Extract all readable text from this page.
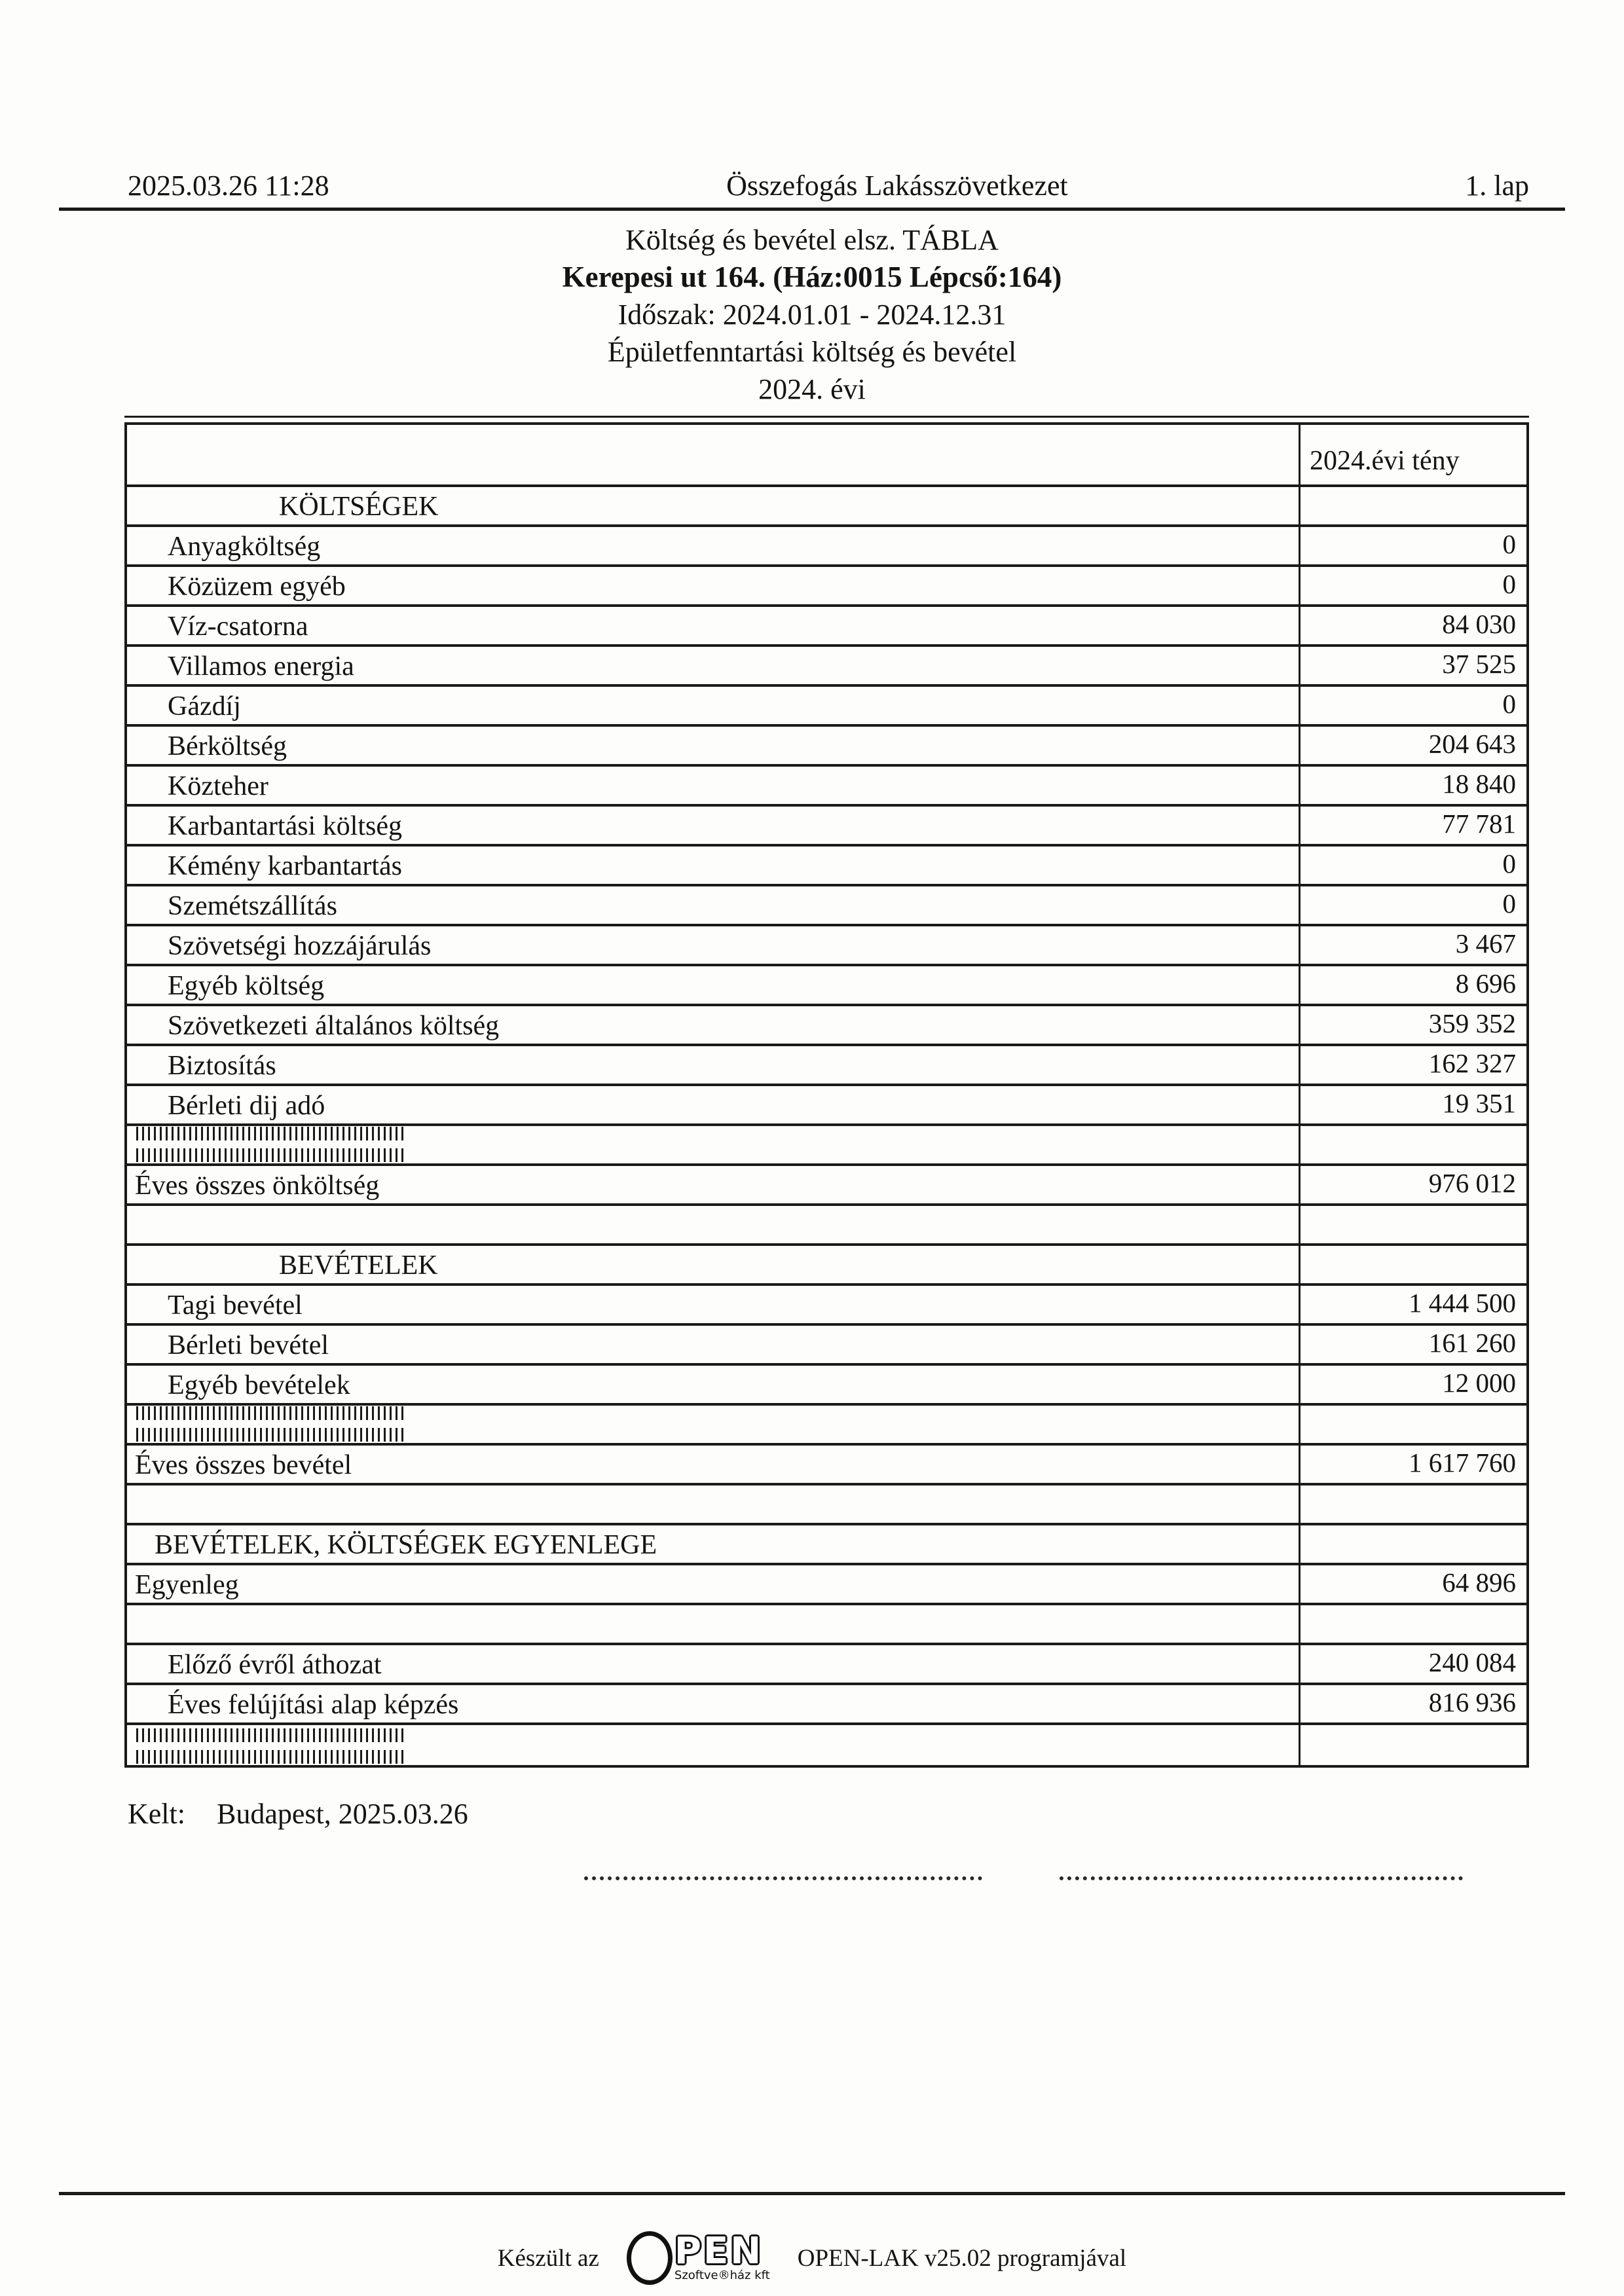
2025.03.26 11:28	Összefogás Lakásszövetkezet	1. lap
Költség és bevétel elsz. TÁBLA
Kerepesi ut 164. (Ház:0015 Lépcső:164)
Időszak: 2024.01.01 - 2024.12.31
Épületfenntartási költség és bevétel
2024. évi
2024.évi tény
KÖLTSÉGEK
Anyagköltség	0
Közüzem egyéb	0
Víz-csatorna	84 030
Villamos energia	37 525
Gázdíj	0
Bérköltség	204 643
Közteher	18 840
Karbantartási költség	77 781
Kémény karbantartás	0
Szemétszállítás	0
Szövetségi hozzájárulás	3 467
Egyéb költség	8 696
Szövetkezeti általános költség	359 352
Biztosítás	162 327
Bérleti dij adó	19 351
Éves összes önköltség	976 012
BEVÉTELEK
Tagi bevétel	1 444 500
Bérleti bevétel	161 260
Egyéb bevételek	12 000
Éves összes bevétel	1 617 760
BEVÉTELEK, KÖLTSÉGEK EGYENLEGE
Egyenleg	64 896
Előző évről áthozat	240 084
Éves felújítási alap képzés	816 936
Kelt: Budapest, 2025.03.26
Készült az PEN
Szoftve®ház kft
OPEN-LAK v25.02 programjával
